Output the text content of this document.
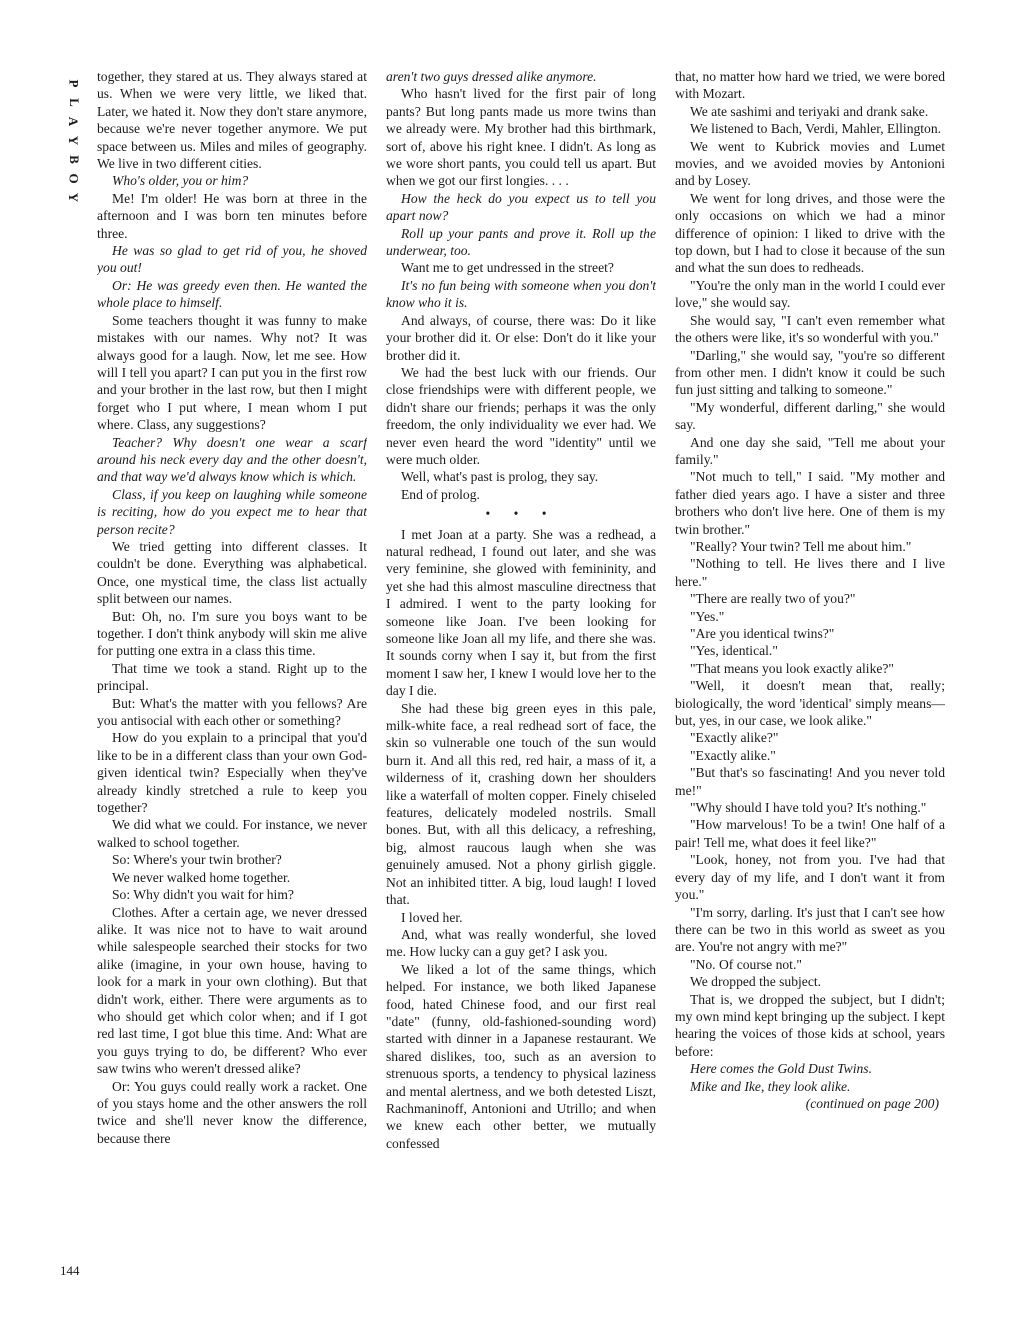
P
L
A
Y
B
O
Y

together, they stared at us. They always stared at us. When we were very little, we liked that. Later, we hated it. Now they don't stare anymore, because we're never together anymore. We put space between us. Miles and miles of geography. We live in two different cities.

Who's older, you or him?

Me! I'm older! He was born at three in the afternoon and I was born ten minutes before three.

He was so glad to get rid of you, he shoved you out!

Or: He was greedy even then. He wanted the whole place to himself.

Some teachers thought it was funny to make mistakes with our names. Why not? It was always good for a laugh. Now, let me see. How will I tell you apart? I can put you in the first row and your brother in the last row, but then I might forget who I put where, I mean whom I put where. Class, any suggestions?

Teacher? Why doesn't one wear a scarf around his neck every day and the other doesn't, and that way we'd always know which is which.

Class, if you keep on laughing while someone is reciting, how do you expect me to hear that person recite?

We tried getting into different classes. It couldn't be done. Everything was alphabetical. Once, one mystical time, the class list actually split between our names.

But: Oh, no. I'm sure you boys want to be together. I don't think anybody will skin me alive for putting one extra in a class this time.

That time we took a stand. Right up to the principal.

But: What's the matter with you fellows? Are you antisocial with each other or something?

How do you explain to a principal that you'd like to be in a different class than your own God-given identical twin? Especially when they've already kindly stretched a rule to keep you together?

We did what we could. For instance, we never walked to school together.

So: Where's your twin brother?

We never walked home together.

So: Why didn't you wait for him?

Clothes. After a certain age, we never dressed alike. It was nice not to have to wait around while salespeople searched their stocks for two alike (imagine, in your own house, having to look for a mark in your own clothing). But that didn't work, either. There were arguments as to who should get which color when; and if I got red last time, I got blue this time. And: What are you guys trying to do, be different? Who ever saw twins who weren't dressed alike?

Or: You guys could really work a racket. One of you stays home and the other answers the roll twice and she'll never know the difference, because there

aren't two guys dressed alike anymore.

Who hasn't lived for the first pair of long pants? But long pants made us more twins than we already were. My brother had this birthmark, sort of, above his right knee. I didn't. As long as we wore short pants, you could tell us apart. But when we got our first longies. . . .

How the heck do you expect us to tell you apart now?

Roll up your pants and prove it. Roll up the underwear, too.

Want me to get undressed in the street?

It's no fun being with someone when you don't know who it is.

And always, of course, there was: Do it like your brother did it. Or else: Don't do it like your brother did it.

We had the best luck with our friends. Our close friendships were with different people, we didn't share our friends; perhaps it was the only freedom, the only individuality we ever had. We never even heard the word "identity" until we were much older.

Well, what's past is prolog, they say.

End of prolog.

• • •

I met Joan at a party. She was a redhead, a natural redhead, I found out later, and she was very feminine, she glowed with femininity, and yet she had this almost masculine directness that I admired. I went to the party looking for someone like Joan. I've been looking for someone like Joan all my life, and there she was. It sounds corny when I say it, but from the first moment I saw her, I knew I would love her to the day I die.

She had these big green eyes in this pale, milk-white face, a real redhead sort of face, the skin so vulnerable one touch of the sun would burn it. And all this red, red hair, a mass of it, a wilderness of it, crashing down her shoulders like a waterfall of molten copper. Finely chiseled features, delicately modeled nostrils. Small bones. But, with all this delicacy, a refreshing, big, almost raucous laugh when she was genuinely amused. Not a phony girlish giggle. Not an inhibited titter. A big, loud laugh! I loved that.

I loved her.

And, what was really wonderful, she loved me. How lucky can a guy get? I ask you.

We liked a lot of the same things, which helped. For instance, we both liked Japanese food, hated Chinese food, and our first real "date" (funny, old-fashioned-sounding word) started with dinner in a Japanese restaurant. We shared dislikes, too, such as an aversion to strenuous sports, a tendency to physical laziness and mental alertness, and we both detested Liszt, Rachmaninoff, Antonioni and Utrillo; and when we knew each other better, we mutually confessed

that, no matter how hard we tried, we were bored with Mozart.

We ate sashimi and teriyaki and drank sake.

We listened to Bach, Verdi, Mahler, Ellington.

We went to Kubrick movies and Lumet movies, and we avoided movies by Antonioni and by Losey.

We went for long drives, and those were the only occasions on which we had a minor difference of opinion: I liked to drive with the top down, but I had to close it because of the sun and what the sun does to redheads.

"You're the only man in the world I could ever love," she would say.

She would say, "I can't even remember what the others were like, it's so wonderful with you."

"Darling," she would say, "you're so different from other men. I didn't know it could be such fun just sitting and talking to someone."

"My wonderful, different darling," she would say.

And one day she said, "Tell me about your family."

"Not much to tell," I said. "My mother and father died years ago. I have a sister and three brothers who don't live here. One of them is my twin brother."

"Really? Your twin? Tell me about him."

"Nothing to tell. He lives there and I live here."

"There are really two of you?"

"Yes."

"Are you identical twins?"

"Yes, identical."

"That means you look exactly alike?"

"Well, it doesn't mean that, really; biologically, the word 'identical' simply means—but, yes, in our case, we look alike."

"Exactly alike?"

"Exactly alike."

"But that's so fascinating! And you never told me!"

"Why should I have told you? It's nothing."

"How marvelous! To be a twin! One half of a pair! Tell me, what does it feel like?"

"Look, honey, not from you. I've had that every day of my life, and I don't want it from you."

"I'm sorry, darling. It's just that I can't see how there can be two in this world as sweet as you are. You're not angry with me?"

"No. Of course not."

We dropped the subject.

That is, we dropped the subject, but I didn't; my own mind kept bringing up the subject. I kept hearing the voices of those kids at school, years before:

Here comes the Gold Dust Twins.

Mike and Ike, they look alike.

(continued on page 200)

144
